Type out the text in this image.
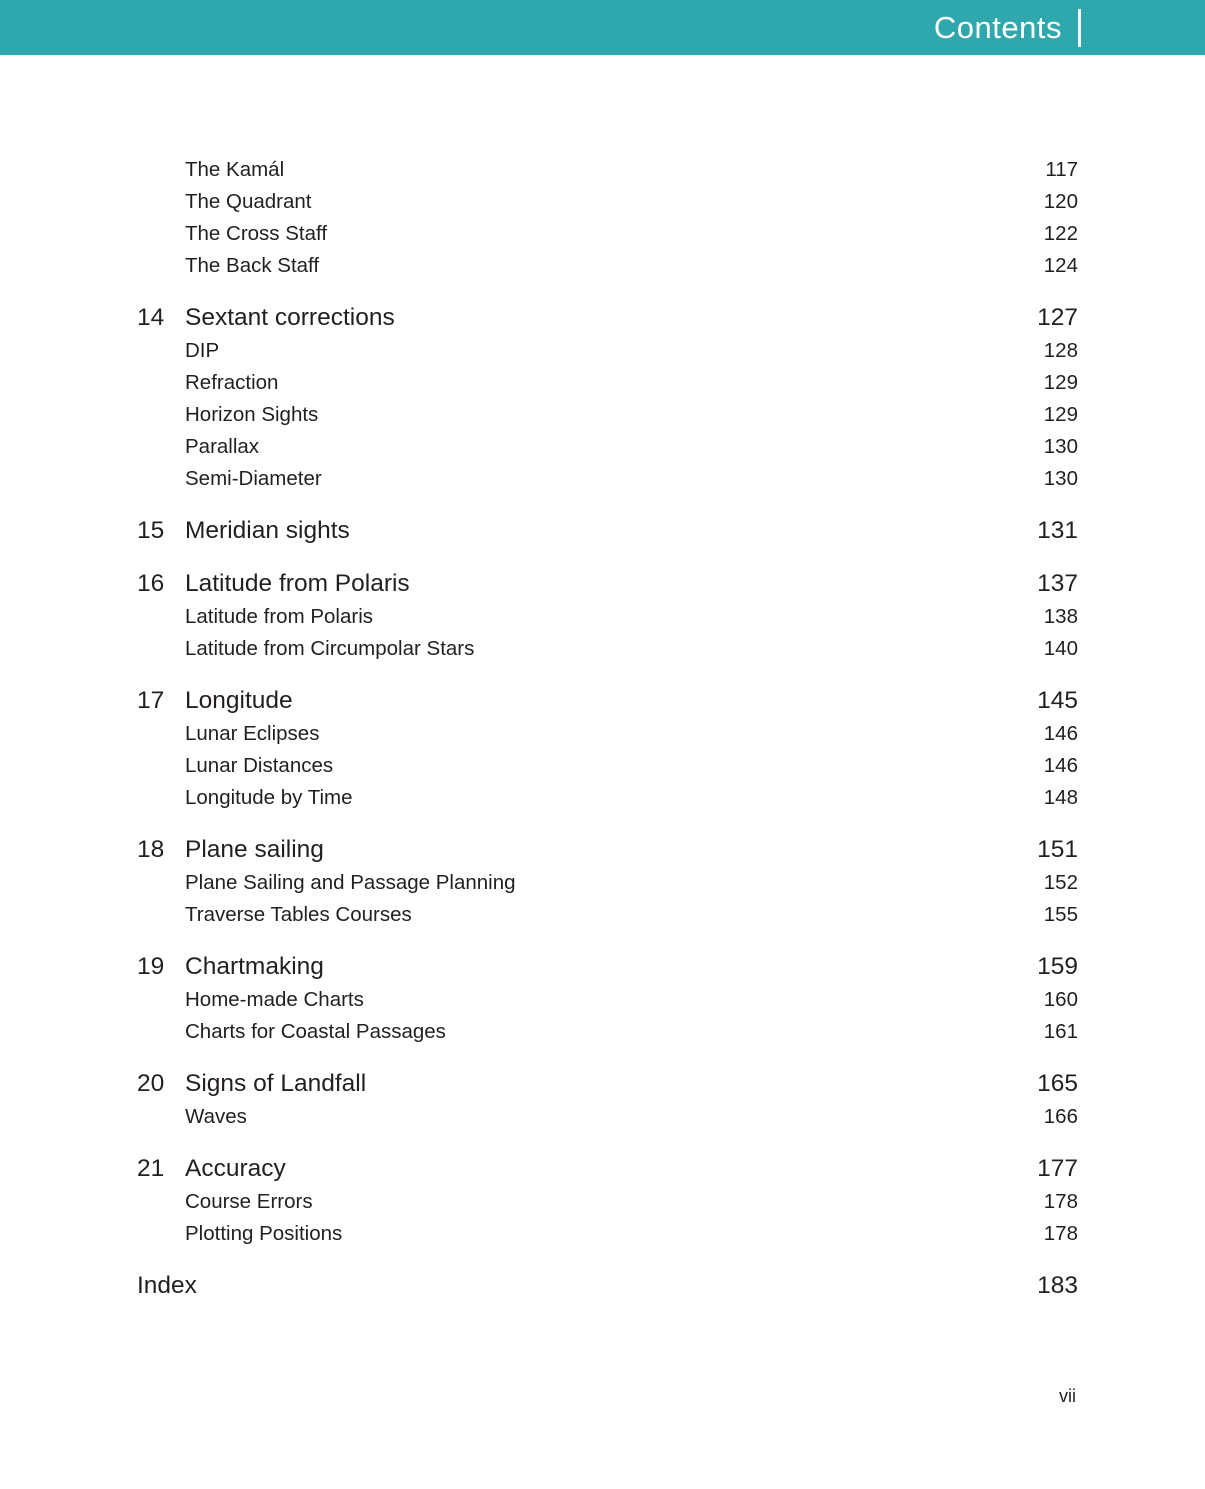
Contents
The Kamál	117
The Quadrant	120
The Cross Staff	122
The Back Staff	124
14 Sextant corrections	127
DIP	128
Refraction	129
Horizon Sights	129
Parallax	130
Semi-Diameter	130
15 Meridian sights	131
16 Latitude from Polaris	137
Latitude from Polaris	138
Latitude from Circumpolar Stars	140
17 Longitude	145
Lunar Eclipses	146
Lunar Distances	146
Longitude by Time	148
18 Plane sailing	151
Plane Sailing and Passage Planning	152
Traverse Tables Courses	155
19 Chartmaking	159
Home-made Charts	160
Charts for Coastal Passages	161
20 Signs of Landfall	165
Waves	166
21 Accuracy	177
Course Errors	178
Plotting Positions	178
Index	183
vii
